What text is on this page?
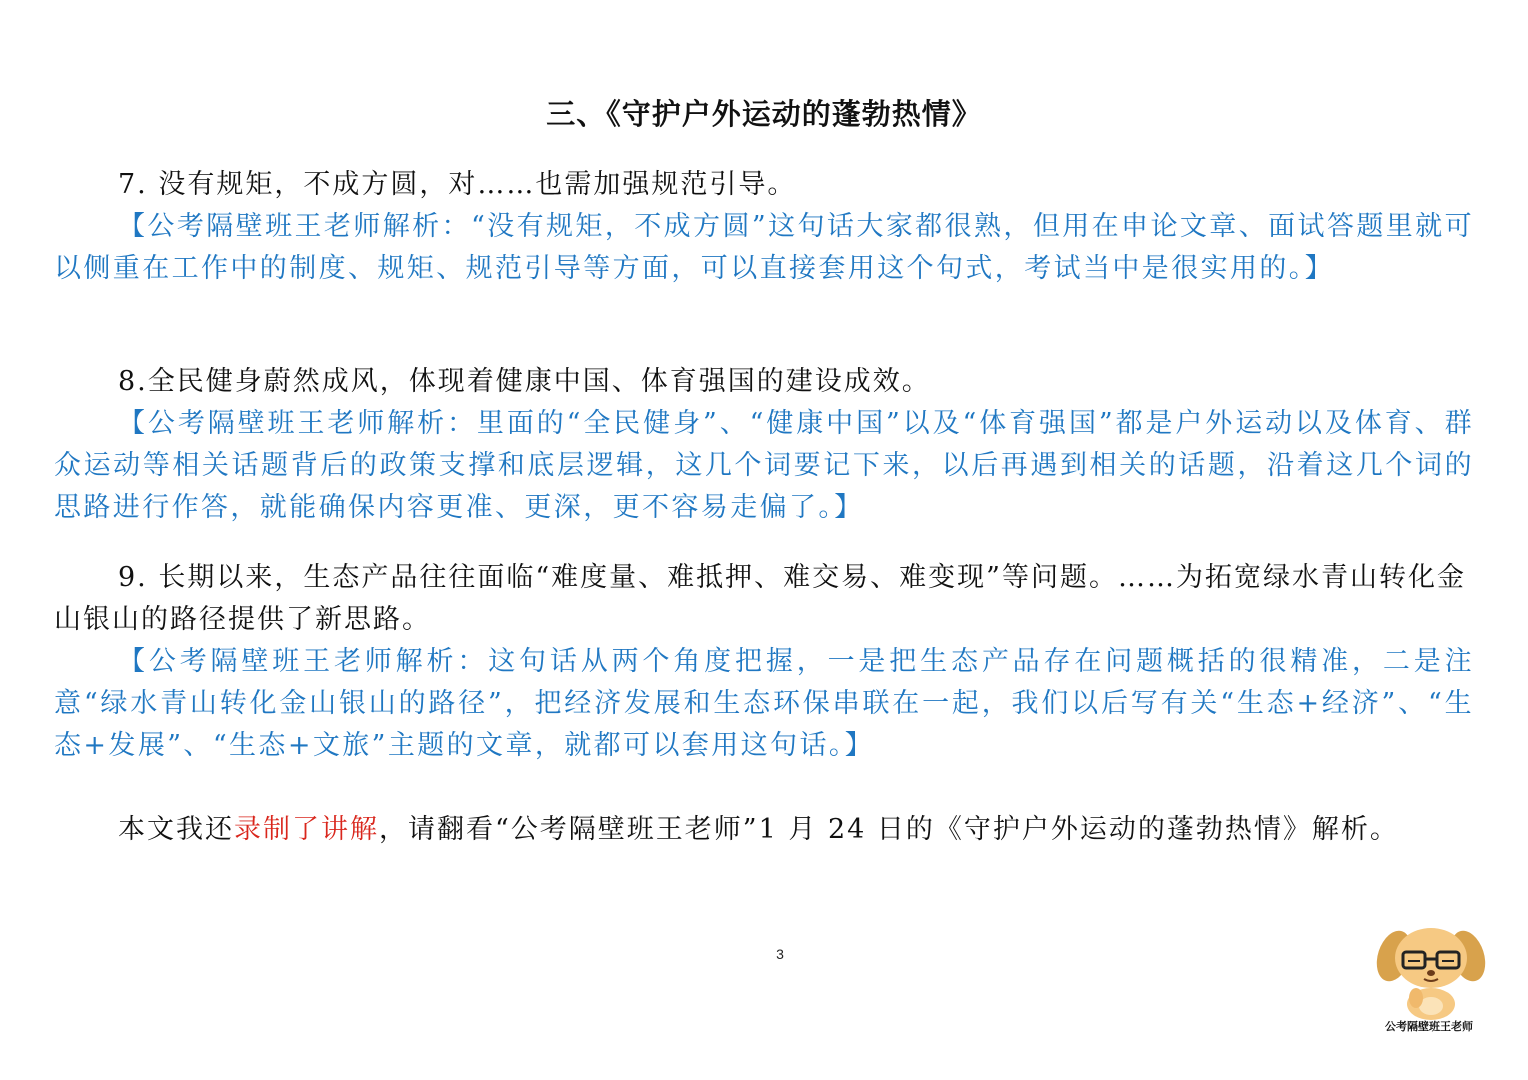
三、《守护户外运动的蓬勃热情》

7. 没有规矩，不成方圆，对……也需加强规范引导。

【公考隔壁班王老师解析：“没有规矩，不成方圆”这句话大家都很熟，但用在申论文章、面试答题里就可以侧重在工作中的制度、规矩、规范引导等方面，可以直接套用这个句式，考试当中是很实用的。】

8.全民健身蔚然成风，体现着健康中国、体育强国的建设成效。

【公考隔壁班王老师解析：里面的“全民健身”、“健康中国”以及“体育强国”都是户外运动以及体育、群众运动等相关话题背后的政策支撑和底层逻辑，这几个词要记下来，以后再遇到相关的话题，沿着这几个词的思路进行作答，就能确保内容更准、更深，更不容易走偏了。】

9. 长期以来，生态产品往往面临“难度量、难抵押、难交易、难变现”等问题。……为拓宽绿水青山转化金山银山的路径提供了新思路。

【公考隔壁班王老师解析：这句话从两个角度把握，一是把生态产品存在问题概括的很精准，二是注意“绿水青山转化金山银山的路径”，把经济发展和生态环保串联在一起，我们以后写有关“生态+经济”、“生态+发展”、“生态+文旅”主题的文章，就都可以套用这句话。】

本文我还录制了讲解，请翻看“公考隔壁班王老师”1 月 24 日的《守护户外运动的蓬勃热情》解析。

3
公考隔壁班王老师
